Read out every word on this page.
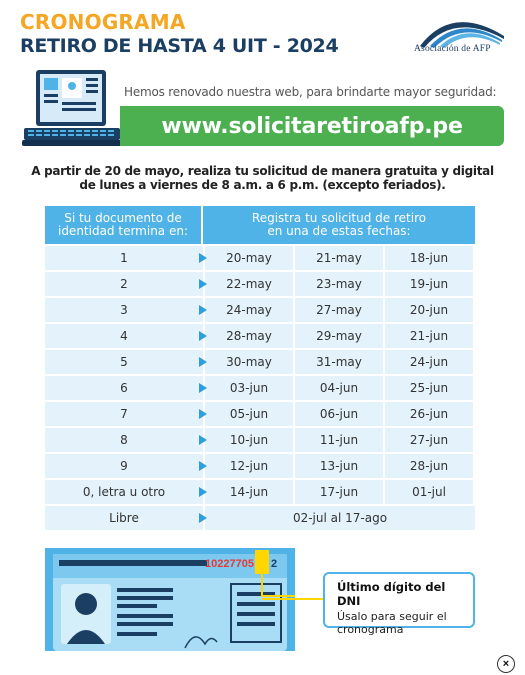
CRONOGRAMA
RETIRO DE HASTA 4 UIT - 2024	Asociación de AFP
Hemos renovado nuestra web, para brindarte mayor seguridad:
www.solicitaretiroafp.pe
A partir de 20 de mayo, realiza tu solicitud de manera gratuita y digital
de lunes a viernes de 8 a.m. a 6 p.m. (excepto feriados).
Si tu documento de
identidad termina en:
Registra tu solicitud de retiro
en una de estas fechas:
1	20-may	21-may	18-jun
2	22-may	23-may	19-jun
3	24-may	27-may	20-jun
4	28-may	29-may	21-jun
5	30-may	31-may	24-jun
6	03-jun	04-jun	25-jun
7	05-jun	06-jun	26-jun
8	10-jun	11-jun	27-jun
9	12-jun	13-jun	28-jun
0, letra u otro	14-jun	17-jun	01-jul
Libre	02-jul al 17-ago
10227705 2
Último dígito del DNI
Úsalo para seguir el
cronograma
×
